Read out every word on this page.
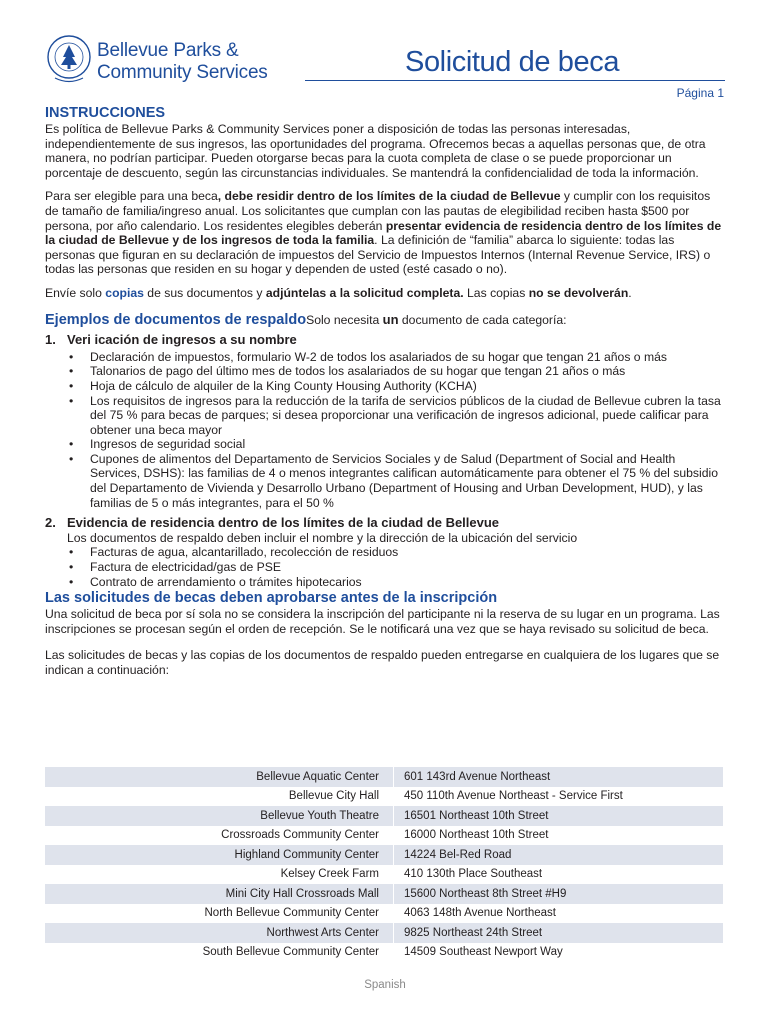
Bellevue Parks &
Community Services	Solicitud de beca
Página 1
INSTRUCCIONES

Es política de Bellevue Parks & Community Services poner a disposición de todas las personas interesadas, independientemente de sus ingresos, las oportunidades del programa. Ofrecemos becas a aquellas personas que, de otra manera, no podrían participar. Pueden otorgarse becas para la cuota completa de clase o se puede proporcionar un porcentaje de descuento, según las circunstancias individuales. Se mantendrá la confidencialidad de toda la información.

Para ser elegible para una beca, debe residir dentro de los límites de la ciudad de Bellevue y cumplir con los requisitos de tamaño de familia/ingreso anual. Los solicitantes que cumplan con las pautas de elegibilidad reciben hasta $500 por persona, por año calendario. Los residentes elegibles deberán presentar evidencia de residencia dentro de los límites de la ciudad de Bellevue y de los ingresos de toda la familia. La definición de “familia” abarca lo siguiente: todas las personas que figuran en su declaración de impuestos del Servicio de Impuestos Internos (Internal Revenue Service, IRS) o todas las personas que residen en su hogar y dependen de usted (esté casado o no).

Envíe solo copias de sus documentos y adjúntelas a la solicitud completa. Las copias no se devolverán.

Ejemplos de documentos de respaldoSolo necesita un documento de cada categoría:
1. Veri icación de ingresos a su nombre
• Declaración de impuestos, formulario W-2 de todos los asalariados de su hogar que tengan 21 años o más
• Talonarios de pago del último mes de todos los asalariados de su hogar que tengan 21 años o más
• Hoja de cálculo de alquiler de la King County Housing Authority (KCHA)
• Los requisitos de ingresos para la reducción de la tarifa de servicios públicos de la ciudad de Bellevue cubren la tasa del 75 % para becas de parques; si desea proporcionar una verificación de ingresos adicional, puede calificar para obtener una beca mayor
• Ingresos de seguridad social
• Cupones de alimentos del Departamento de Servicios Sociales y de Salud (Department of Social and Health Services, DSHS): las familias de 4 o menos integrantes califican automáticamente para obtener el 75 % del subsidio del Departamento de Vivienda y Desarrollo Urbano (Department of Housing and Urban Development, HUD), y las familias de 5 o más integrantes, para el 50 %
2. Evidencia de residencia dentro de los límites de la ciudad de Bellevue
Los documentos de respaldo deben incluir el nombre y la dirección de la ubicación del servicio
• Facturas de agua, alcantarillado, recolección de residuos
• Factura de electricidad/gas de PSE
• Contrato de arrendamiento o trámites hipotecarios
Las solicitudes de becas deben aprobarse antes de la inscripción

Una solicitud de beca por sí sola no se considera la inscripción del participante ni la reserva de su lugar en un programa. Las inscripciones se procesan según el orden de recepción. Se le notificará una vez que se haya revisado su solicitud de beca.

Las solicitudes de becas y las copias de los documentos de respaldo pueden entregarse en cualquiera de los lugares que se indican a continuación:

Bellevue Aquatic Center			601 143rd Avenue Northeast
Bellevue City Hall			450 110th Avenue Northeast - Service First
Bellevue Youth Theatre			16501 Northeast 10th Street
Crossroads Community Center			16000 Northeast 10th Street
Highland Community Center			14224 Bel-Red Road
Kelsey Creek Farm			410 130th Place Southeast
Mini City Hall Crossroads Mall			15600 Northeast 8th Street #H9
North Bellevue Community Center			4063 148th Avenue Northeast
Northwest Arts Center			9825 Northeast 24th Street
South Bellevue Community Center			14509 Southeast Newport Way
Spanish
